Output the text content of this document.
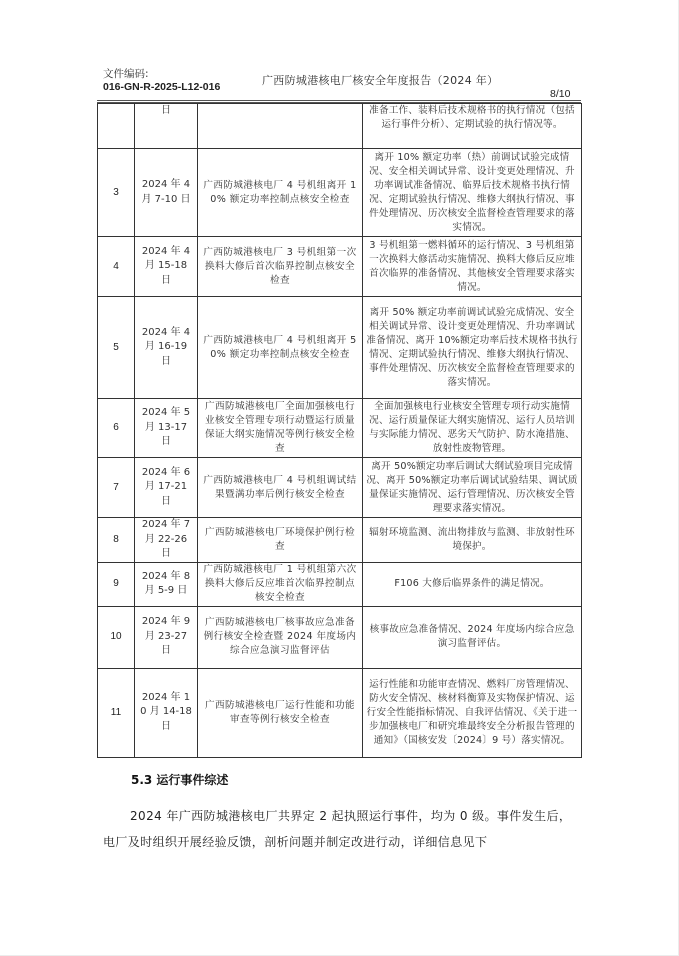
文件编码:
016-GN-R-2025-L12-016	广西防城港核电厂核安全年度报告（2024 年）
8/10
	日		准备工作、装料后技术规格书的执行情况（包括运行事件分析）、定期试验的执行情况等。
3	2024 年 4 月 7-10 日	广西防城港核电厂 4 号机组离开 10% 额定功率控制点核安全检查	离开 10% 额定功率（热）前调试试验完成情况、安全相关调试异常、设计变更处理情况、升功率调试准备情况、临界后技术规格书执行情况、定期试验执行情况、维修大纲执行情况、事件处理情况、历次核安全监督检查管理要求的落实情况。
4	2024 年 4 月 15-18 日	广西防城港核电厂 3 号机组第一次换料大修后首次临界控制点核安全检查	3 号机组第一燃料循环的运行情况、3 号机组第一次换料大修活动实施情况、换料大修后反应堆首次临界的准备情况、其他核安全管理要求落实情况。
5	2024 年 4 月 16-19 日	广西防城港核电厂 4 号机组离开 50% 额定功率控制点核安全检查	离开 50% 额定功率前调试试验完成情况、安全相关调试异常、设计变更处理情况、升功率调试准备情况、离开 10%额定功率后技术规格书执行情况、定期试验执行情况、维修大纲执行情况、事件处理情况、历次核安全监督检查管理要求的落实情况。
6	2024 年 5 月 13-17 日	广西防城港核电厂全面加强核电行业核安全管理专项行动暨运行质量保证大纲实施情况等例行核安全检查	全面加强核电行业核安全管理专项行动实施情况、运行质量保证大纲实施情况、运行人员培训与实际能力情况、恶劣天气防护、防水淹措施、放射性废物管理。
7	2024 年 6 月 17-21 日	广西防城港核电厂 4 号机组调试结果暨满功率后例行核安全检查	离开 50%额定功率后调试大纲试验项目完成情况、离开 50%额定功率后调试试验结果、调试质量保证实施情况、运行管理情况、历次核安全管理要求落实情况。
8	2024 年 7 月 22-26 日	广西防城港核电厂环境保护例行检查	辐射环境监测、流出物排放与监测、非放射性环境保护。
9	2024 年 8 月 5-9 日	广西防城港核电厂 1 号机组第六次换料大修后反应堆首次临界控制点核安全检查	F106 大修后临界条件的满足情况。
10	2024 年 9 月 23-27 日	广西防城港核电厂核事故应急准备例行核安全检查暨 2024 年度场内综合应急演习监督评估	核事故应急准备情况、2024 年度场内综合应急演习监督评估。
11	2024 年 10 月 14-18 日	广西防城港核电厂运行性能和功能审查等例行核安全检查	运行性能和功能审查情况、燃料厂房管理情况、防火安全情况、核材料衡算及实物保护情况、运行安全性能指标情况、自我评估情况、《关于进一步加强核电厂和研究堆最终安全分析报告管理的通知》（国核安发〔2024〕9 号）落实情况。
5.3 运行事件综述
2024 年广西防城港核电厂共界定 2 起执照运行事件，均为 0 级。事件发生后，电厂及时组织开展经验反馈，剖析问题并制定改进行动，详细信息见下
